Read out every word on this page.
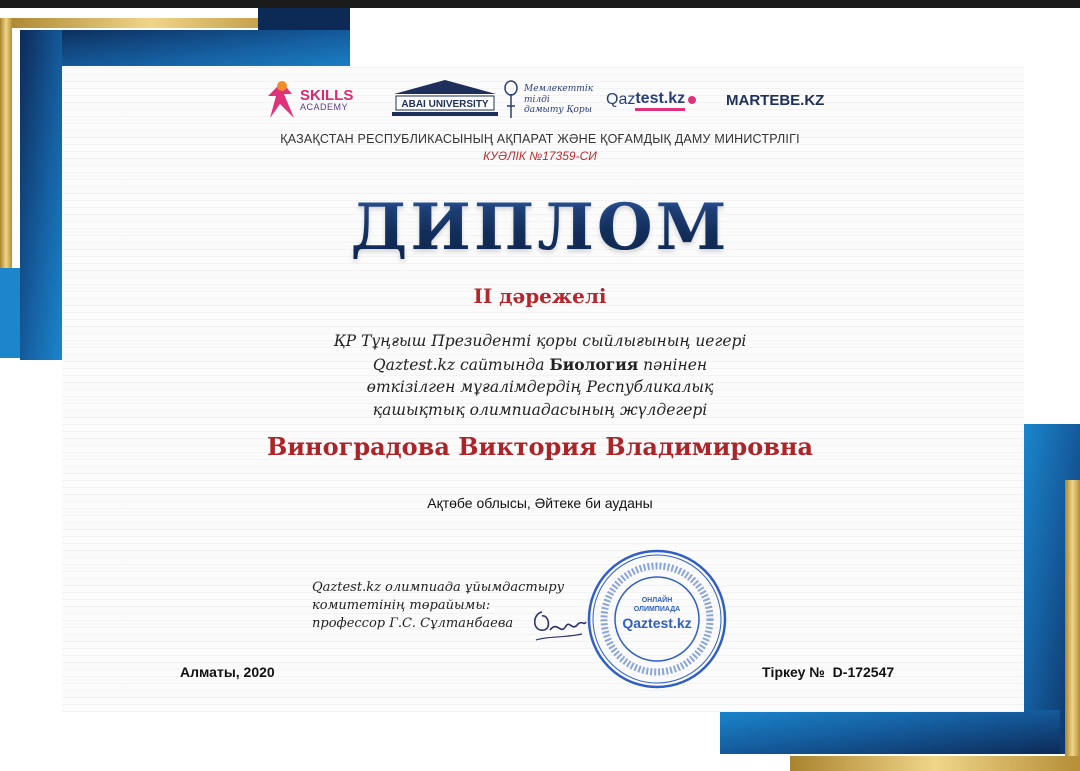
SKILLS
ACADEMY	ABAI UNIVERSITY
Мемлекеттік
тілді
дамыту Қоры
Qaz test.kz	MARTEBE.KZ
ҚАЗАҚСТАН РЕСПУБЛИКАСЫНЫҢ АҚПАРАТ ЖӘНЕ ҚОҒАМДЫҚ ДАМУ МИНИСТРЛІГІ
КУӘЛІК №17359-СИ
ДИПЛОМ
II дәрежелі
ҚР Тұңғыш Президенті қоры сыйлығының иегері
Qaztest.kz сайтында Биология пәнінен
өткізілген мұғалімдердің Республикалық
қашықтық олимпиадасының жүлдегері
Виноградова Виктория Владимировна
Ақтөбе облысы, Әйтеке би ауданы
Qaztest.kz олимпиада ұйымдастыру
комитетінің төрайымы:
профессор Г.С. Сұлтанбаева
ОНЛАЙН
ОЛИМПИАДА
Qaztest.kz
Алматы, 2020	Тіркеу № D-172547
